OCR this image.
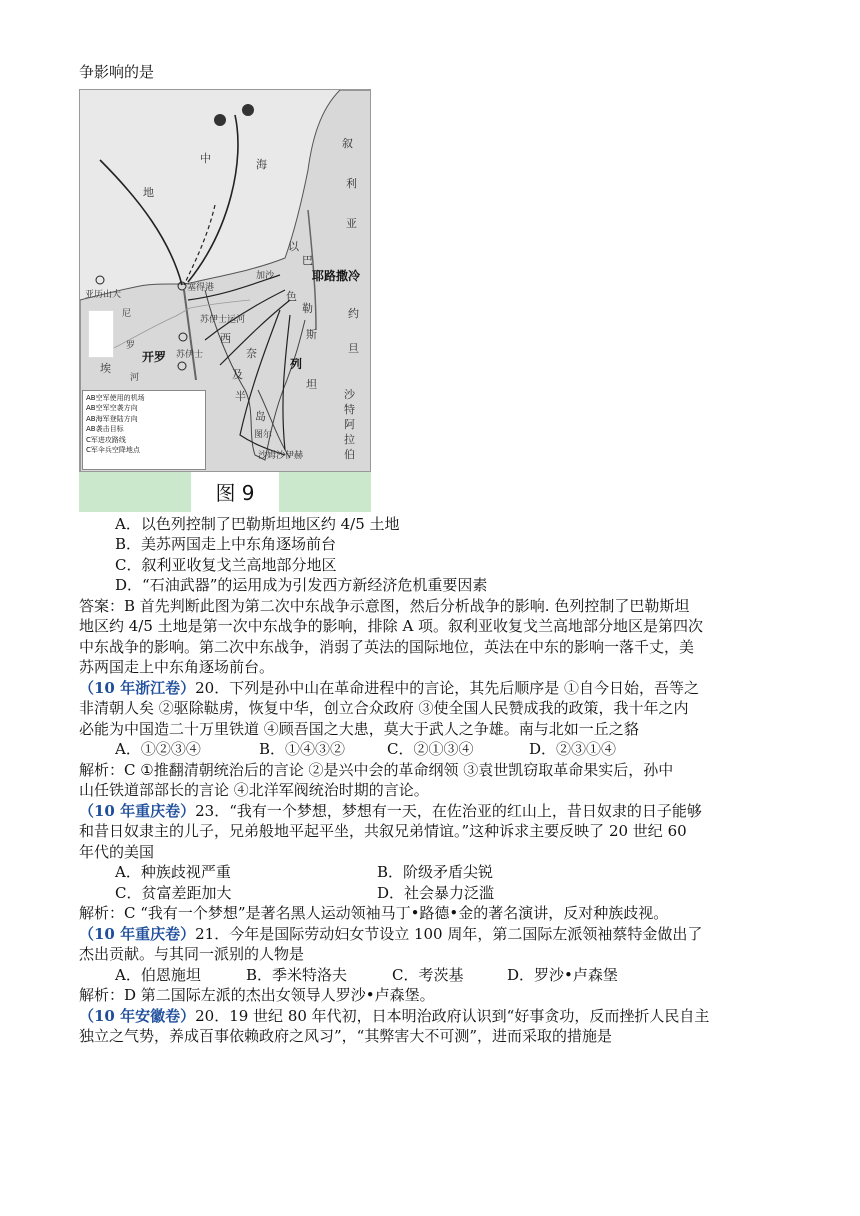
争影响的是
地
中	海
亚历山大
塞得港
开罗 苏伊士
埃
尼
罗
河
苏伊士运河
西
奈
及
半
岛
图尔
沙姆沙伊赫
加沙
以
色
列
耶路撒冷
巴
勒
斯
坦
约
旦
叙
利
亚
沙
特
阿
拉
伯
AB空军使用的机场
AB空军空袭方向
AB海军登陆方向
AB袭击目标
C军进攻路线
C军伞兵空降地点
图 9
A．以色列控制了巴勒斯坦地区约 4/5 土地
B．美苏两国走上中东角逐场前台
C．叙利亚收复戈兰高地部分地区
D．“石油武器”的运用成为引发西方新经济危机重要因素
答案：B 首先判断此图为第二次中东战争示意图，然后分析战争的影响. 色列控制了巴勒斯坦
地区约 4/5 土地是第一次中东战争的影响，排除 A 项。叙利亚收复戈兰高地部分地区是第四次
中东战争的影响。第二次中东战争，消弱了英法的国际地位，英法在中东的影响一落千丈，美
苏两国走上中东角逐场前台。
（10 年浙江卷）20．下列是孙中山在革命进程中的言论，其先后顺序是 ①自今日始，吾等之
非清朝人矣 ②驱除鞑虏，恢复中华，创立合众政府 ③使全国人民赞成我的政策，我十年之内
必能为中国造二十万里铁道 ④顾吾国之大患，莫大于武人之争雄。南与北如一丘之貉
A．①②③④	B．①④③②	C．②①③④	D．②③①④
解析：C ①推翻清朝统治后的言论 ②是兴中会的革命纲领 ③袁世凯窃取革命果实后，孙中
山任铁道部部长的言论 ④北洋军阀统治时期的言论。
（10 年重庆卷）23．“我有一个梦想，梦想有一天，在佐治亚的红山上，昔日奴隶的日子能够
和昔日奴隶主的儿子，兄弟般地平起平坐，共叙兄弟情谊。”这种诉求主要反映了 20 世纪 60
年代的美国
A．种族歧视严重	B．阶级矛盾尖锐
C．贫富差距加大	D．社会暴力泛滥
解析：C “我有一个梦想”是著名黑人运动领袖马丁•路德•金的著名演讲，反对种族歧视。
（10 年重庆卷）21．今年是国际劳动妇女节设立 100 周年，第二国际左派领袖蔡特金做出了
杰出贡献。与其同一派别的人物是
A．伯恩施坦	B．季米特洛夫	C．考茨基	D．罗沙•卢森堡
解析：D 第二国际左派的杰出女领导人罗沙•卢森堡。
（10 年安徽卷）20．19 世纪 80 年代初，日本明治政府认识到“好事贪功，反而挫折人民自主
独立之气势，养成百事依赖政府之风习”，“其弊害大不可测”，进而采取的措施是
